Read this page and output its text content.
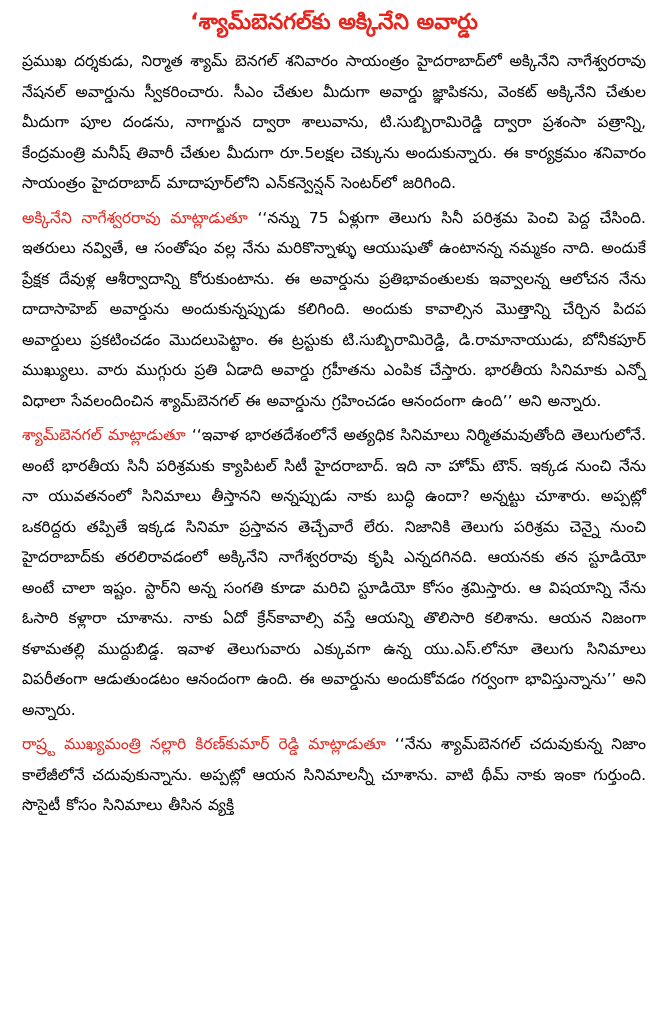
‘శ్యామ్‌బెనగల్‌కు అక్కినేని అవార్డు

ప్రముఖ దర్శకుడు, నిర్మాత శ్యామ్ బెనగల్ శనివారం సాయంత్రం హైదరాబాద్‌లో అక్కినేని నాగేశ్వరరావు నేషనల్ అవార్డును స్వీకరించారు. సీఎం చేతుల మీదుగా అవార్డు జ్ఞాపికను, వెంకట్ అక్కినేని చేతుల మీదుగా పూల దండను, నాగార్జున ద్వారా శాలువాను, టి.సుబ్బిరామిరెడ్డి ద్వారా ప్రశంసా పత్రాన్ని, కేంద్రమంత్రి మనీష్ తివారీ చేతుల మీదుగా రూ.5లక్షల చెక్కును అందుకున్నారు. ఈ కార్యక్రమం శనివారం సాయంత్రం హైదరాబాద్ మాదాపూర్‌లోని ఎన్‌కన్వెన్షన్ సెంటర్‌లో జరిగింది.

అక్కినేని నాగేశ్వరరావు మాట్లాడుతూ ‘‘నన్ను 75 ఏళ్లుగా తెలుగు సినీ పరిశ్రమ పెంచి పెద్ద చేసింది. ఇతరులు నవ్వితే, ఆ సంతోషం వల్ల నేను మరికొన్నాళ్ళు ఆయుషుతో ఉంటానన్న నమ్మకం నాది. అందుకే ప్రేక్షక దేవుళ్ల ఆశీర్వాదాన్ని కోరుకుంటాను. ఈ అవార్డును ప్రతిభావంతులకు ఇవ్వాలన్న ఆలోచన నేను దాదాసాహెబ్ అవార్డును అందుకున్నప్పుడు కలిగింది. అందుకు కావాల్సిన మొత్తాన్ని చేర్చిన పిదప అవార్డులు ప్రకటించడం మొదలుపెట్టాం. ఈ ట్రస్టుకు టి.సుబ్బిరామిరెడ్డి, డి.రామానాయుడు, బోనీకపూర్ ముఖ్యులు. వారు ముగ్గురు ప్రతి ఏడాది అవార్డు గ్రహీతను ఎంపిక చేస్తారు. భారతీయ సినిమాకు ఎన్నో విధాలా సేవలందించిన శ్యామ్‌బెనగల్ ఈ అవార్డును గ్రహించడం ఆనందంగా ఉంది’’ అని అన్నారు.

శ్యామ్‌బెనగల్ మాట్లాడుతూ ‘‘ఇవాళ భారతదేశంలోనే అత్యధిక సినిమాలు నిర్మితమవుతోంది తెలుగులోనే. అంటే భారతీయ సినీ పరిశ్రమకు క్యాపిటల్ సిటీ హైదరాబాద్. ఇది నా హోమ్ టౌన్. ఇక్కడ నుంచి నేను నా యువతనంలో సినిమాలు తీస్తానని అన్నప్పుడు నాకు బుద్ధి ఉందా? అన్నట్టు చూశారు. అప్పట్లో ఒకరిద్దరు తప్పితే ఇక్కడ సినిమా ప్రస్తావన తెచ్చేవారే లేరు. నిజానికి తెలుగు పరిశ్రమ చెన్నై నుంచి హైదరాబాద్‌కు తరలిరావడంలో అక్కినేని నాగేశ్వరరావు కృషి ఎన్నదగినది. ఆయనకు తన స్టూడియో అంటే చాలా ఇష్టం. స్టార్‌ని అన్న సంగతి కూడా మరిచి స్టూడియో కోసం శ్రమిస్తారు. ఆ విషయాన్ని నేను ఓసారి కళ్లారా చూశాను. నాకు ఏదో క్రేన్‌కావాల్సి వస్తే ఆయన్ని తొలిసారి కలిశాను. ఆయన నిజంగా కళామతల్లి ముద్దుబిడ్డ. ఇవాళ తెలుగువారు ఎక్కువగా ఉన్న యు.ఎస్.లోనూ తెలుగు సినిమాలు విపరీతంగా ఆడుతుండటం ఆనందంగా ఉంది. ఈ అవార్డును అందుకోవడం గర్వంగా భావిస్తున్నాను’’ అని అన్నారు.

రాష్ర్ట ముఖ్యమంత్రి నల్లారి కిరణ్‌కుమార్ రెడ్డి మాట్లాడుతూ ‘‘నేను శ్యామ్‌బెనగల్ చదువుకున్న నిజాం కాలేజీలోనే చదువుకున్నాను. అప్పట్లో ఆయన సినిమాలన్నీ చూశాను. వాటి థీమ్ నాకు ఇంకా గుర్తుంది. సొసైటీ కోసం సినిమాలు తీసిన వ్యక్తి
